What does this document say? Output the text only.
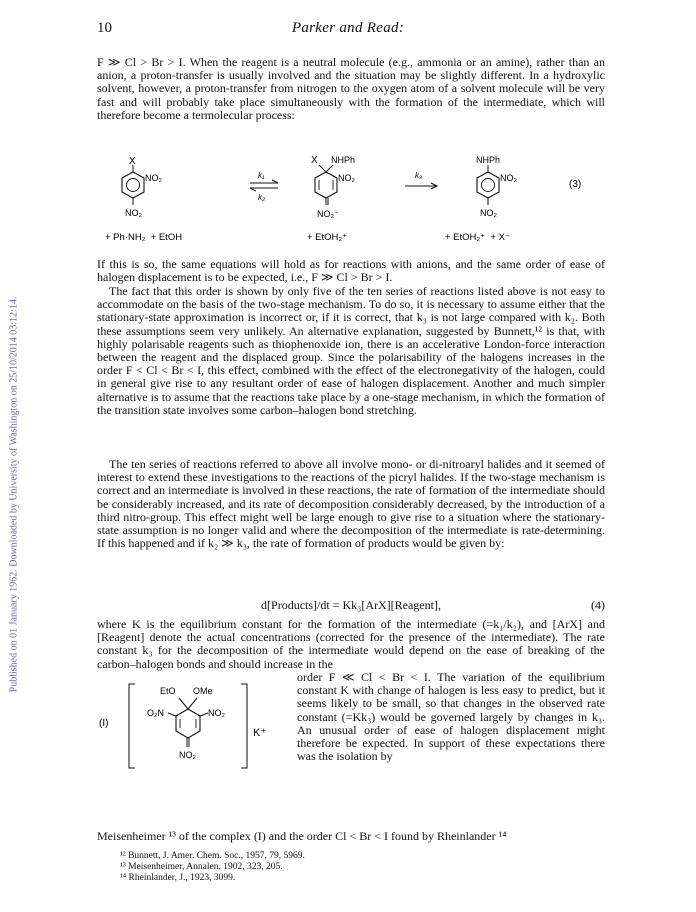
10	Parker and Read:
Published on 01 January 1962. Downloaded by University of Washington on 25/10/2014 03:12:14.

F ≫ Cl > Br > I. When the reagent is a neutral molecule (e.g., ammonia or an amine), rather than an anion, a proton-transfer is usually involved and the situation may be slightly different. In a hydroxylic solvent, however, a proton-transfer from nitrogen to the oxygen atom of a solvent molecule will be very fast and will probably take place simultaneously with the formation of the intermediate, which will therefore become a termolecular process:

X
NO₂
NO₂
k₁
k₂
X NHPh
NO₂
NO₂⁻
k₃
NHPh
NO₂
NO₂
(3)
+ Ph·NH₂  + EtOH	+ EtOH₂⁺	+ EtOH₂⁺  + X⁻

If this is so, the same equations will hold as for reactions with anions, and the same order of ease of halogen displacement is to be expected, i.e., F ≫ Cl > Br > I.

The fact that this order is shown by only five of the ten series of reactions listed above is not easy to accommodate on the basis of the two-stage mechanism. To do so, it is necessary to assume either that the stationary-state approximation is incorrect or, if it is correct, that k₃ is not large compared with k₂. Both these assumptions seem very unlikely. An alternative explanation, suggested by Bunnett,¹² is that, with highly polarisable reagents such as thiophenoxide ion, there is an accelerative London-force interaction between the reagent and the displaced group. Since the polarisability of the halogens increases in the order F < Cl < Br < I, this effect, combined with the effect of the electronegativity of the halogen, could in general give rise to any resultant order of ease of halogen displacement. Another and much simpler alternative is to assume that the reactions take place by a one-stage mechanism, in which the formation of the transition state involves some carbon–halogen bond stretching.

The ten series of reactions referred to above all involve mono- or di-nitroaryl halides and it seemed of interest to extend these investigations to the reactions of the picryl halides. If the two-stage mechanism is correct and an intermediate is involved in these reactions, the rate of formation of the intermediate should be considerably increased, and its rate of decomposition considerably decreased, by the introduction of a third nitro-group. This effect might well be large enough to give rise to a situation where the stationary-state assumption is no longer valid and where the decomposition of the intermediate is rate-determining. If this happened and if k₂ ≫ k₃, the rate of formation of products would be given by:

d[Products]/dt = Kk₃[ArX][Reagent],	(4)

where K is the equilibrium constant for the formation of the intermediate (=k₁/k₂), and [ArX] and [Reagent] denote the actual concentrations (corrected for the presence of the intermediate). The rate constant k₃ for the decomposition of the intermediate would depend on the ease of breaking of the carbon–halogen bonds and should increase in the

(I)
EtO OMe
O₂N	NO₂
NO₂
K⁺

order F ≪ Cl < Br < I. The variation of the equilibrium constant K with change of halogen is less easy to predict, but it seems likely to be small, so that changes in the observed rate constant (=Kk₃) would be governed largely by changes in k₃. An unusual order of ease of halogen displacement might therefore be expected. In support of these expectations there was the isolation by

Meisenheimer ¹³ of the complex (I) and the order Cl < Br < I found by Rheinlander ¹⁴

¹² Bunnett, J. Amer. Chem. Soc., 1957, 79, 5969.
¹³ Meisenheimer, Annalen, 1902, 323, 205.
¹⁴ Rheinlander, J., 1923, 3099.
